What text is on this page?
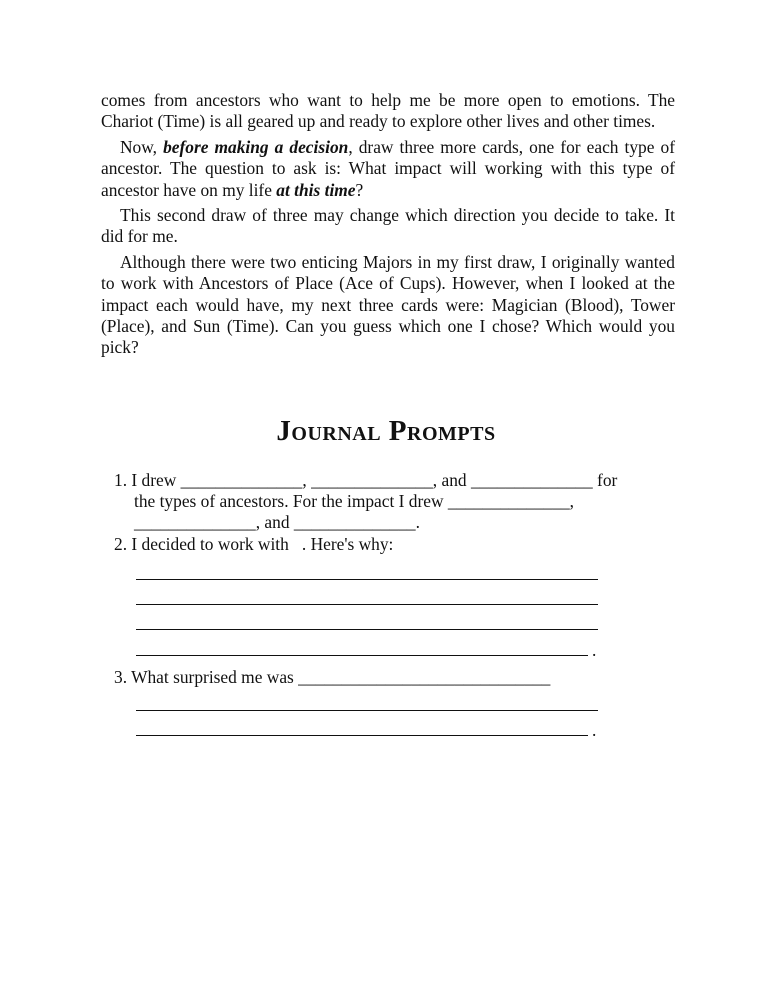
comes from ancestors who want to help me be more open to emotions. The Chariot (Time) is all geared up and ready to explore other lives and other times.

Now, before making a decision, draw three more cards, one for each type of ancestor. The question to ask is: What impact will working with this type of ancestor have on my life at this time?

This second draw of three may change which direction you decide to take. It did for me.

Although there were two enticing Majors in my first draw, I originally wanted to work with Ancestors of Place (Ace of Cups). However, when I looked at the impact each would have, my next three cards were: Magician (Blood), Tower (Place), and Sun (Time). Can you guess which one I chose? Which would you pick?

Journal Prompts
1. I drew ______________, ______________, and ______________ for
the types of ancestors. For the impact I drew ______________,
______________, and ______________.
2. I decided to work with   . Here's why:
.
3. What surprised me was _____________________________
.
